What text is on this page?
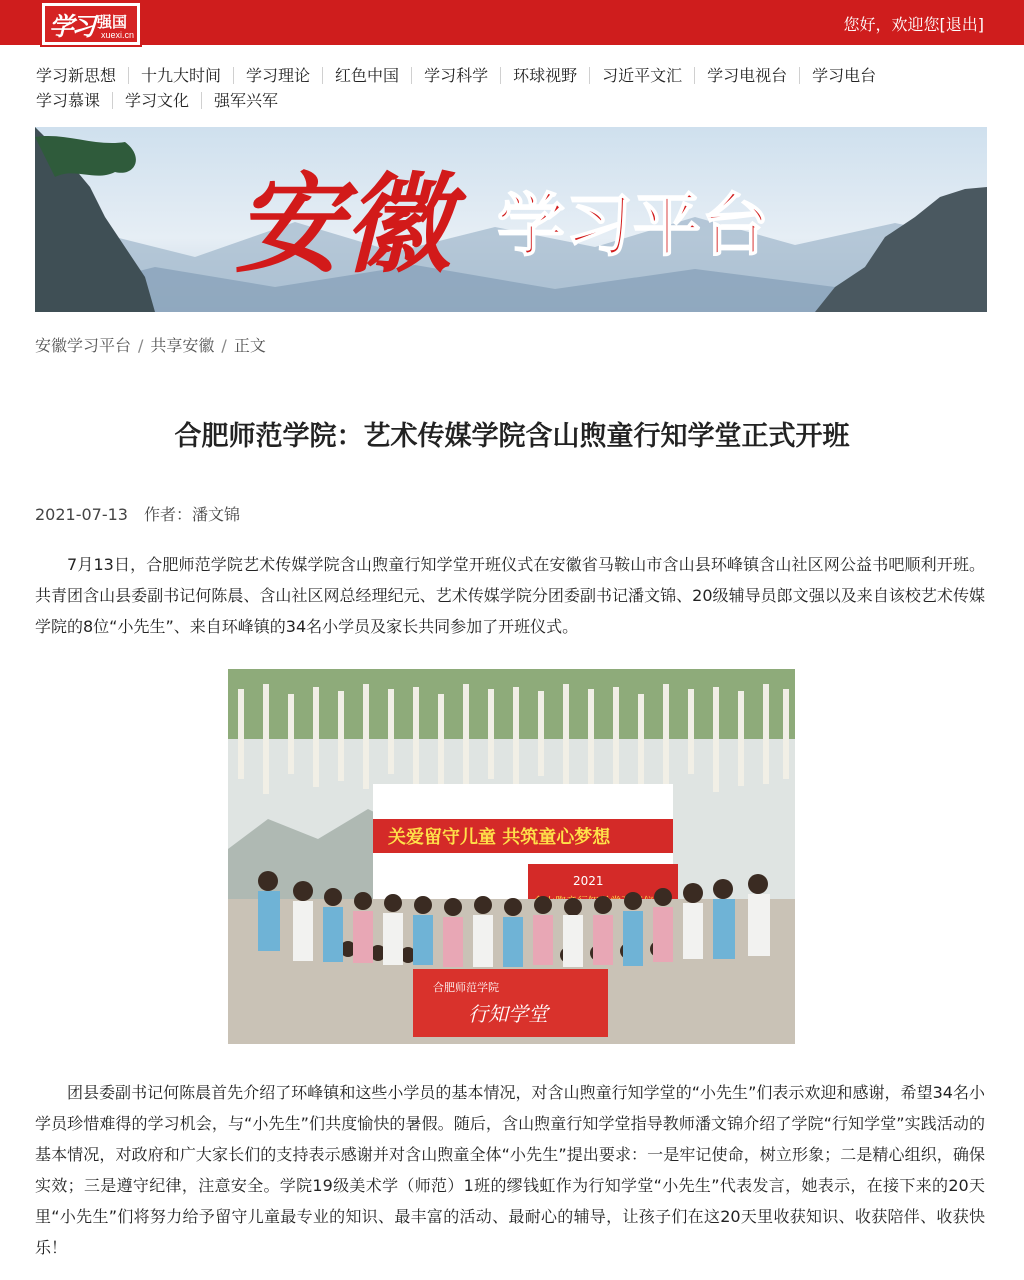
学习 强国
xuexi.cn
您好，欢迎您[退出]
学习新思想	十九大时间	学习理论	红色中国	学习科学	环球视野	习近平文汇	学习电视台	学习电台
学习慕课	学习文化	强军兴军
安徽 学习平台
安徽学习平台 / 共享安徽 / 正文
合肥师范学院：艺术传媒学院含山煦童行知学堂正式开班
2021-07-13 作者：潘文锦

7月13日，合肥师范学院艺术传媒学院含山煦童行知学堂开班仪式在安徽省马鞍山市含山县环峰镇含山社区网公益书吧顺利开班。共青团含山县委副书记何陈晨、含山社区网总经理纪元、艺术传媒学院分团委副书记潘文锦、20级辅导员郎文强以及来自该校艺术传媒学院的8位“小先生”、来自环峰镇的34名小学员及家长共同参加了开班仪式。

关爱留守儿童 共筑童心梦想
2021
合肥师范学院
行知学堂

团县委副书记何陈晨首先介绍了环峰镇和这些小学员的基本情况，对含山煦童行知学堂的“小先生”们表示欢迎和感谢，希望34名小学员珍惜难得的学习机会，与“小先生”们共度愉快的暑假。随后，含山煦童行知学堂指导教师潘文锦介绍了学院“行知学堂”实践活动的基本情况，对政府和广大家长们的支持表示感谢并对含山煦童全体“小先生”提出要求：一是牢记使命，树立形象；二是精心组织，确保实效；三是遵守纪律，注意安全。学院19级美术学（师范）1班的缪钱虹作为行知学堂“小先生”代表发言，她表示，在接下来的20天里“小先生”们将努力给予留守儿童最专业的知识、最丰富的活动、最耐心的辅导，让孩子们在这20天里收获知识、收获陪伴、收获快乐！
